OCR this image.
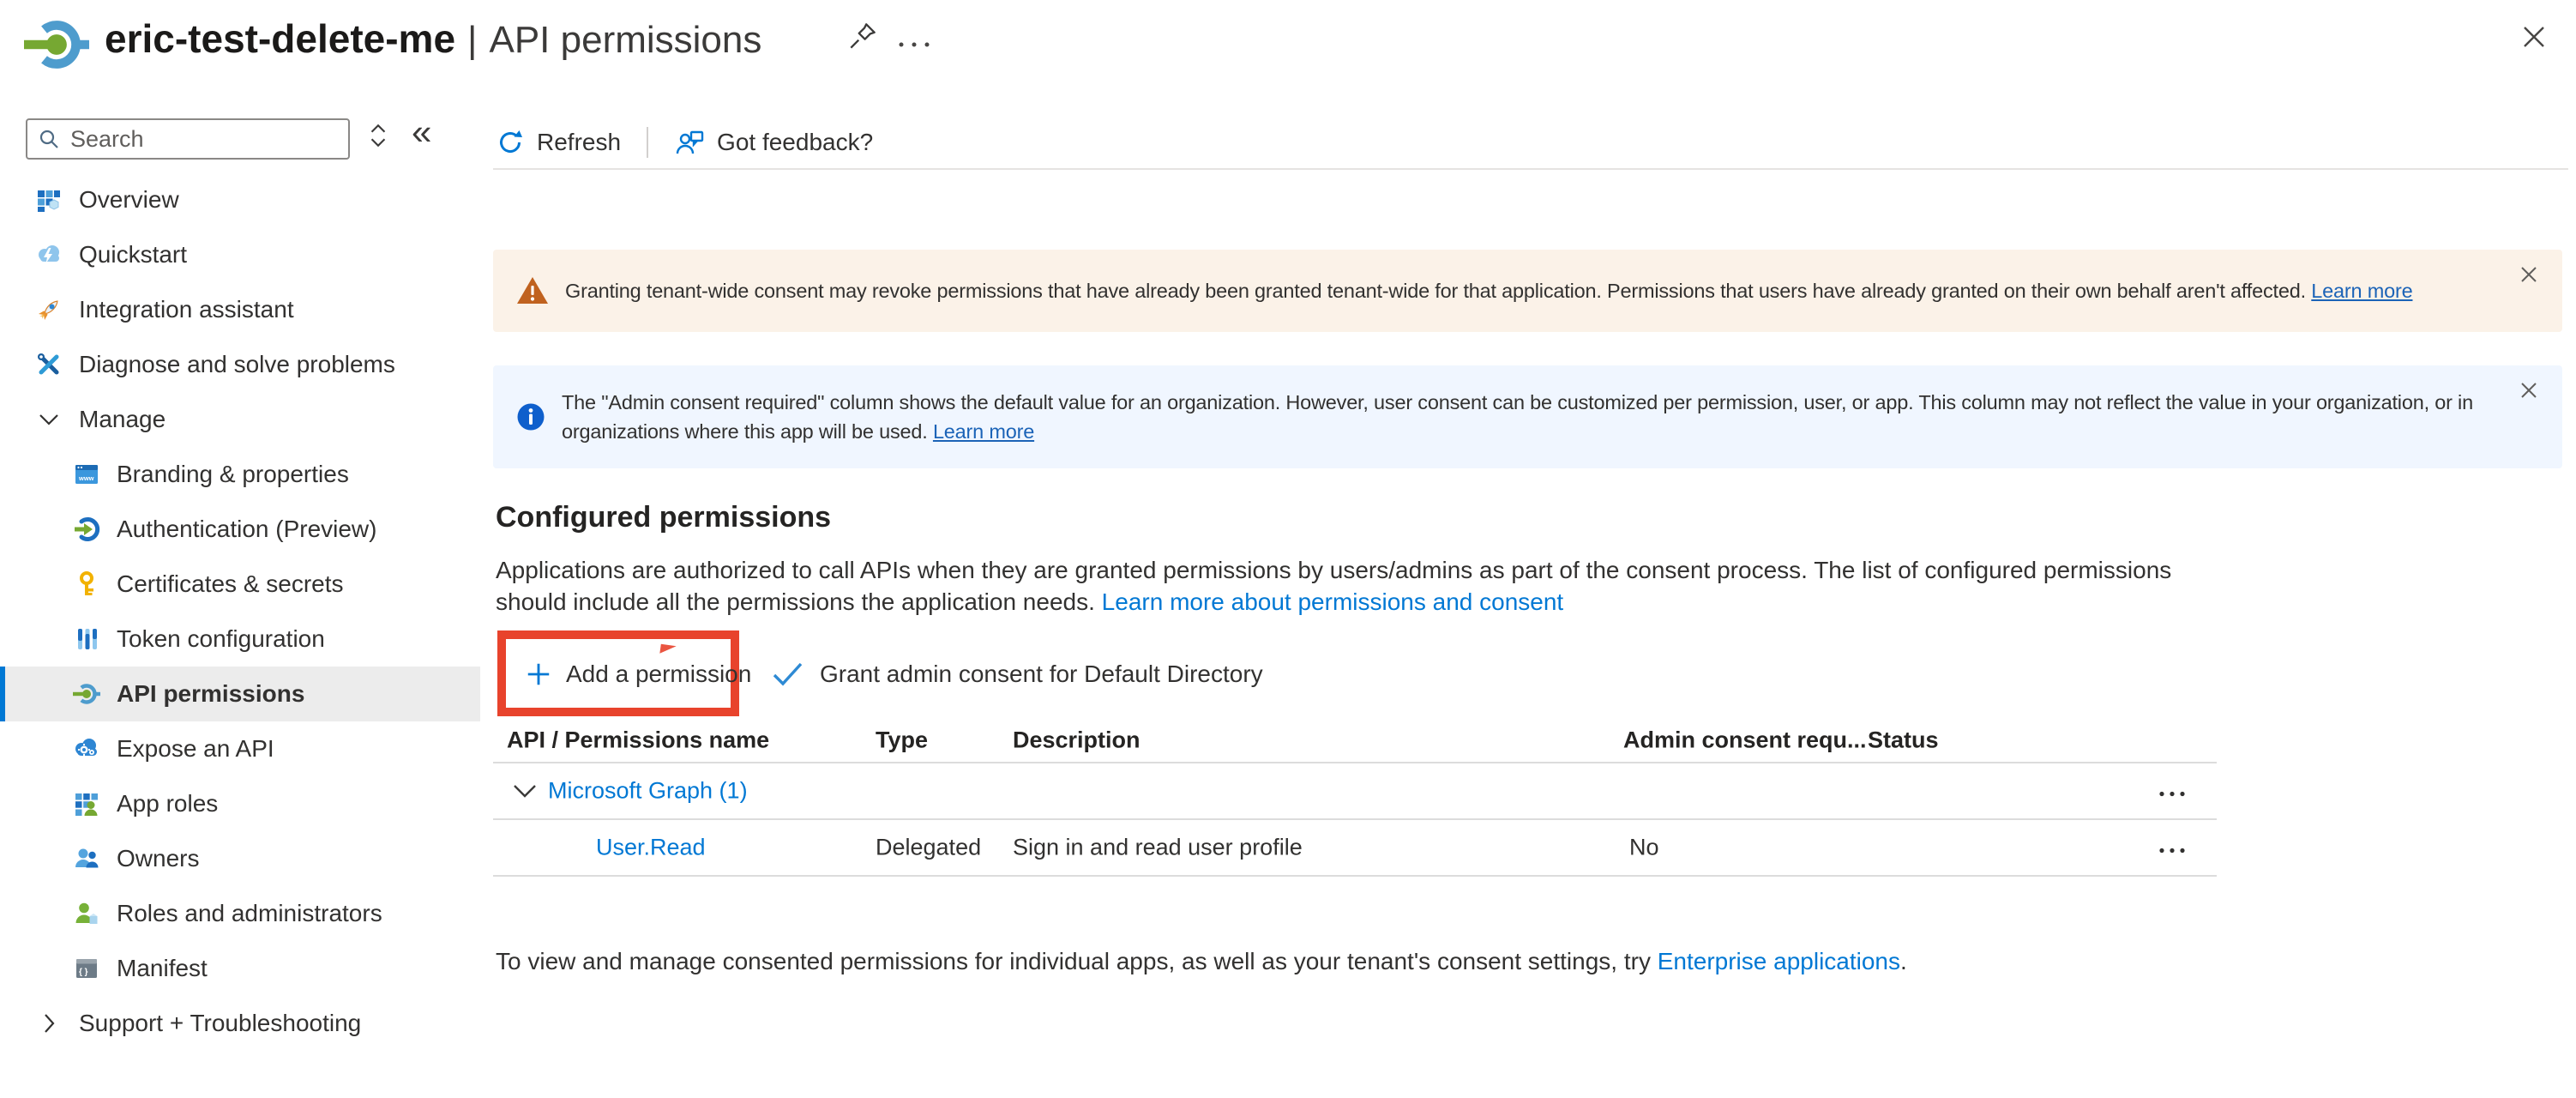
eric-test-delete-me | API permissions
Search
«
Overview
Quickstart
Integration assistant
Diagnose and solve problems
Manage
www Branding & properties
Authentication (Preview)
Certificates & secrets
Token configuration
API permissions
Expose an API
App roles
Owners
Roles and administrators
{ } Manifest
Support + Troubleshooting
Refresh	Got feedback?
Granting tenant-wide consent may revoke permissions that have already been granted tenant-wide for that application. Permissions that users have already granted on their own behalf aren't affected. Learn more
The "Admin consent required" column shows the default value for an organization. However, user consent can be customized per permission, user, or app. This column may not reflect the value in your organization, or in organizations where this app will be used. Learn more
Configured permissions
Applications are authorized to call APIs when they are granted permissions by users/admins as part of the consent process. The list of configured permissions should include all the permissions the application needs. Learn more about permissions and consent
Add a permission	Grant admin consent for Default Directory
API / Permissions name	Type	Description	Admin consent requ... Status
Microsoft Graph (1)
User.Read	Delegated Sign in and read user profile	No
To view and manage consented permissions for individual apps, as well as your tenant's consent settings, try Enterprise applications.
